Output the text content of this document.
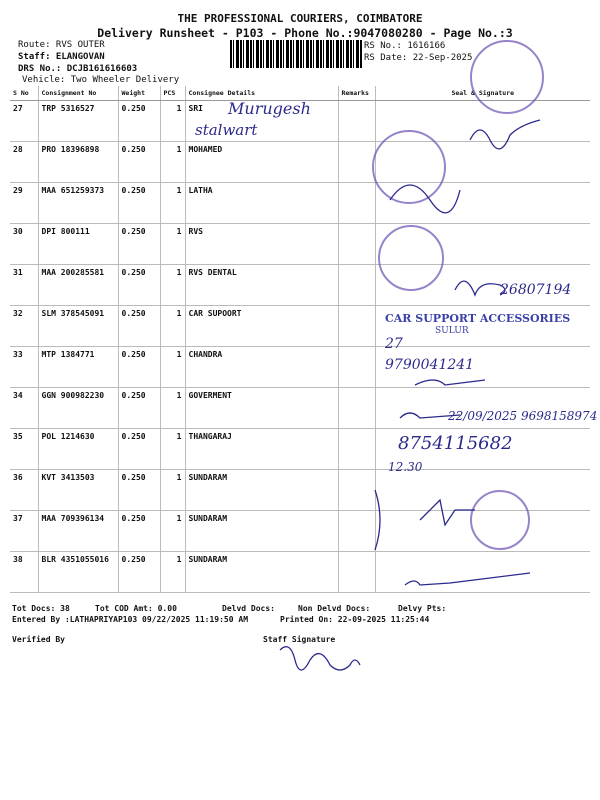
THE PROFESSIONAL COURIERS, COIMBATORE
Delivery Runsheet - P103 - Phone No.:9047080280 - Page No.:3
Route: RVS OUTER
Staff: ELANGOVAN
DRS No.: DCJB161616603
Vehicle: Two Wheeler Delivery
RS No.: 1616166
RS Date: 22-Sep-2025
S No	Consignment No	Weight	PCS	Consignee Details	Remarks	Seal & Signature
27	TRP 5316527	0.250	1	SRI		
28	PRO 18396898	0.250	1	MOHAMED		
29	MAA 651259373	0.250	1	LATHA		
30	DPI 800111	0.250	1	RVS		
31	MAA 200285581	0.250	1	RVS DENTAL		
32	SLM 378545091	0.250	1	CAR SUPOORT		
33	MTP 1384771	0.250	1	CHANDRA		
34	GGN 900982230	0.250	1	GOVERMENT		
35	POL 1214630	0.250	1	THANGARAJ		
36	KVT 3413503	0.250	1	SUNDARAM		
37	MAA 709396134	0.250	1	SUNDARAM		
38	BLR 4351055016	0.250	1	SUNDARAM		
Murugesh
stalwart
26807194
CAR SUPPORT ACCESSORIES
SULUR
27
9790041241
22/09/2025 9698158974
8754115682
12.30
Tot Docs: 38	Tot COD Amt: 0.00	Delvd Docs:	Non Delvd Docs:	Delvy Pts:
Entered By :LATHAPRIYAP103 09/22/2025 11:19:50 AM	Printed On: 22-09-2025 11:25:44
Verified By	Staff Signature
